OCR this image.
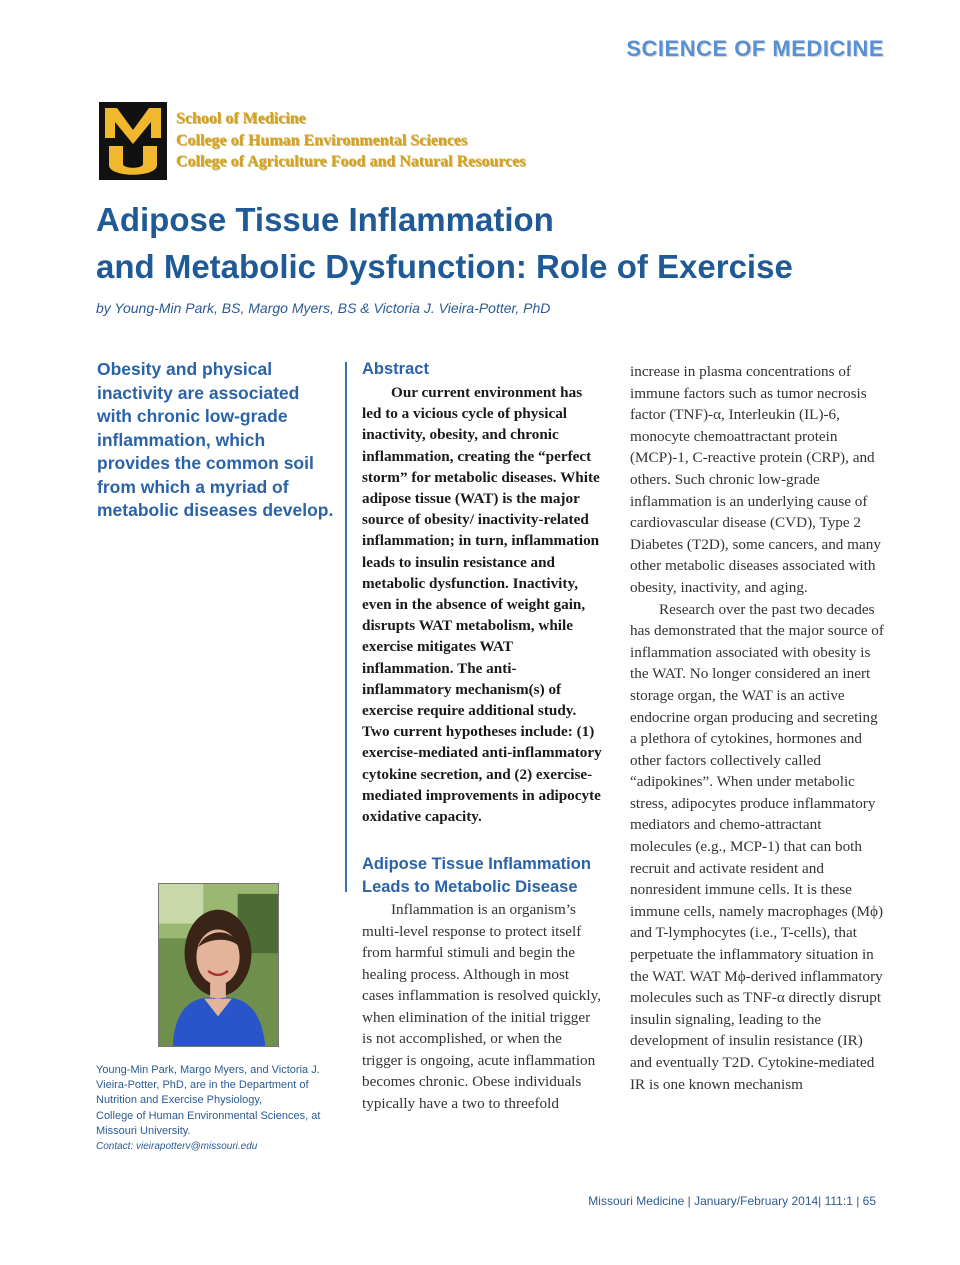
SCIENCE OF MEDICINE
School of Medicine
College of Human Environmental Sciences
College of Agriculture Food and Natural Resources
Adipose Tissue Inflammation
and Metabolic Dysfunction: Role of Exercise
by Young-Min Park, BS, Margo Myers, BS & Victoria J. Vieira-Potter, PhD
Obesity and physical inactivity are associated with chronic low-grade inflammation, which provides the common soil from which a myriad of metabolic diseases develop.
Young-Min Park, Margo Myers, and Victoria J. Vieira-Potter, PhD, are in the Department of Nutrition and Exercise Physiology,
College of Human Environmental Sciences, at Missouri University.
Contact: vieirapotterv@missouri.edu
Abstract

Our current environment has led to a vicious cycle of physical inactivity, obesity, and chronic inflammation, creating the “perfect storm” for metabolic diseases. White adipose tissue (WAT) is the major source of obesity/ inactivity-related inflammation; in turn, inflammation leads to insulin resistance and metabolic dysfunction. Inactivity, even in the absence of weight gain, disrupts WAT metabolism, while exercise mitigates WAT inflammation. The anti-inflammatory mechanism(s) of exercise require additional study. Two current hypotheses include: (1) exercise-mediated anti-inflammatory cytokine secretion, and (2) exercise-mediated improvements in adipocyte oxidative capacity.

Adipose Tissue Inflammation Leads to Metabolic Disease

Inflammation is an organism’s multi-level response to protect itself from harmful stimuli and begin the healing process. Although in most cases inflammation is resolved quickly, when elimination of the initial trigger is not accomplished, or when the trigger is ongoing, acute inflammation becomes chronic. Obese individuals typically have a two to threefold

increase in plasma concentrations of immune factors such as tumor necrosis factor (TNF)-α, Interleukin (IL)-6, monocyte chemoattractant protein (MCP)-1, C-reactive protein (CRP), and others. Such chronic low-grade inflammation is an underlying cause of cardiovascular disease (CVD), Type 2 Diabetes (T2D), some cancers, and many other metabolic diseases associated with obesity, inactivity, and aging.

Research over the past two decades has demonstrated that the major source of inflammation associated with obesity is the WAT. No longer considered an inert storage organ, the WAT is an active endocrine organ producing and secreting a plethora of cytokines, hormones and other factors collectively called “adipokines”. When under metabolic stress, adipocytes produce inflammatory mediators and chemo-attractant molecules (e.g., MCP-1) that can both recruit and activate resident and nonresident immune cells. It is these immune cells, namely macrophages (Mϕ) and T-lymphocytes (i.e., T-cells), that perpetuate the inflammatory situation in the WAT. WAT Mϕ-derived inflammatory molecules such as TNF-α directly disrupt insulin signaling, leading to the development of insulin resistance (IR) and eventually T2D. Cytokine-mediated IR is one known mechanism

Missouri Medicine | January/February 2014| 111:1 | 65
